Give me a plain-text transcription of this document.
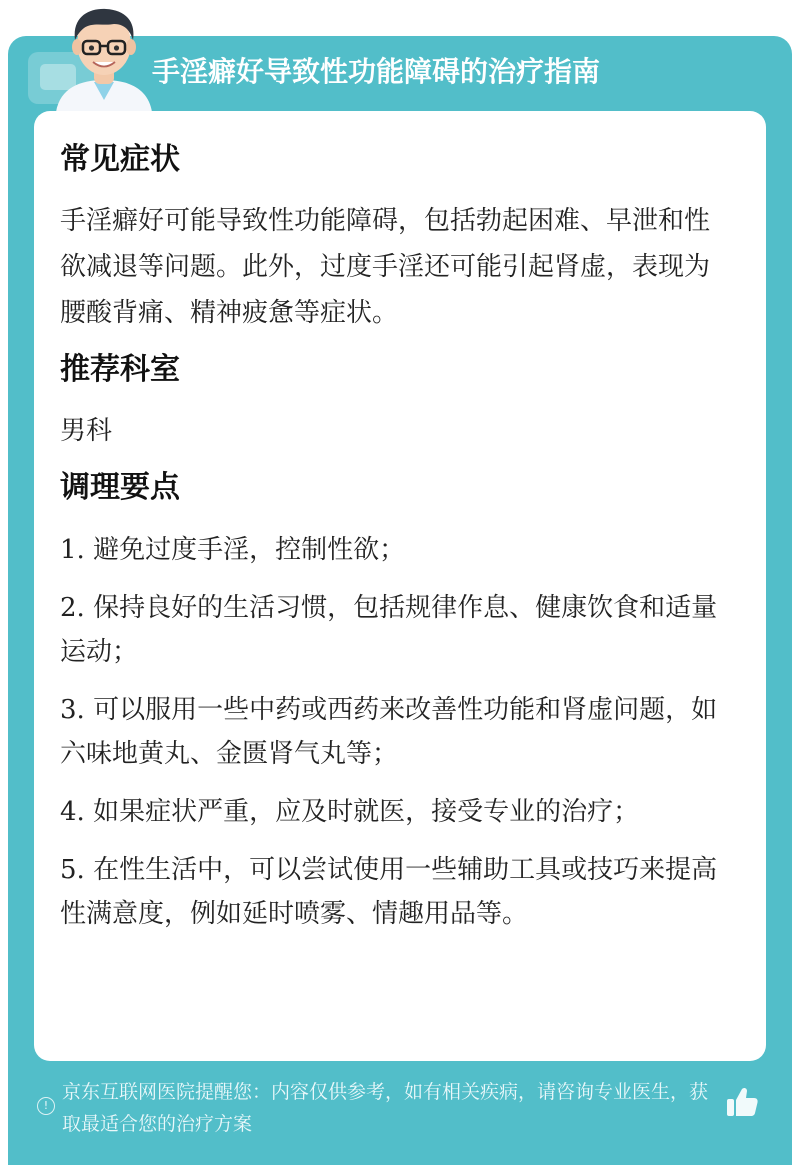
手淫癖好导致性功能障碍的治疗指南
常见症状

手淫癖好可能导致性功能障碍，包括勃起困难、早泄和性欲减退等问题。此外，过度手淫还可能引起肾虚，表现为腰酸背痛、精神疲惫等症状。

推荐科室

男科

调理要点

1. 避免过度手淫，控制性欲；

2. 保持良好的生活习惯，包括规律作息、健康饮食和适量运动；

3. 可以服用一些中药或西药来改善性功能和肾虚问题，如六味地黄丸、金匮肾气丸等；

4. 如果症状严重，应及时就医，接受专业的治疗；

5. 在性生活中，可以尝试使用一些辅助工具或技巧来提高性满意度，例如延时喷雾、情趣用品等。

!
京东互联网医院提醒您：内容仅供参考，如有相关疾病，请咨询专业医生，获取最适合您的治疗方案
